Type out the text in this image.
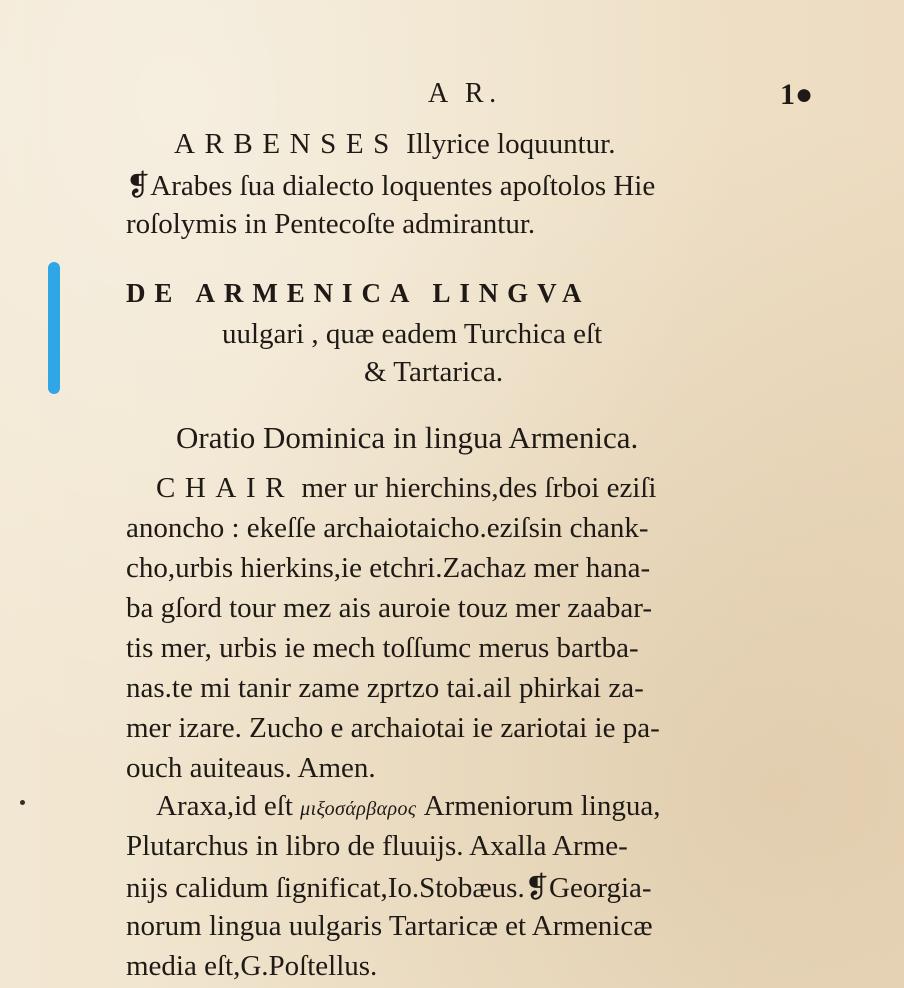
A R.	1●
ARBENSES Illyrice loquuntur.
❡Arabes ſua dialecto loquentes apoſtolos Hie
roſolymis in Pentecoſte admirantur.
DE ARMENICA LINGVA
uulgari , quæ eadem Turchica eſt
& Tartarica.
Oratio Dominica in lingua Armenica.
CHAIR mer ur hierchins,des ſrboi eziſi
anoncho : ekeſſe archaiotaicho.eziſsin chank-
cho,urbis hierkins,ie etchri.Zachaz mer hana-
ba gſord tour mez ais auroie touz mer zaabar-
tis mer, urbis ie mech toſſumc merus bartba-
nas.te mi tanir zame zprtzo tai.ail phirkai za-
mer izare. Zucho e archaiotai ie zariotai ie pa-
ouch auiteaus. Amen.
Araxa,id eſt μιξοσάρβαρος Armeniorum lingua,
Plutarchus in libro de fluuijs. Axalla Arme-
nijs calidum ſignificat,Io.Stobæus.❡Georgia-
norum lingua uulgaris Tartaricæ et Armenicæ
media eſt,G.Poſtellus.
